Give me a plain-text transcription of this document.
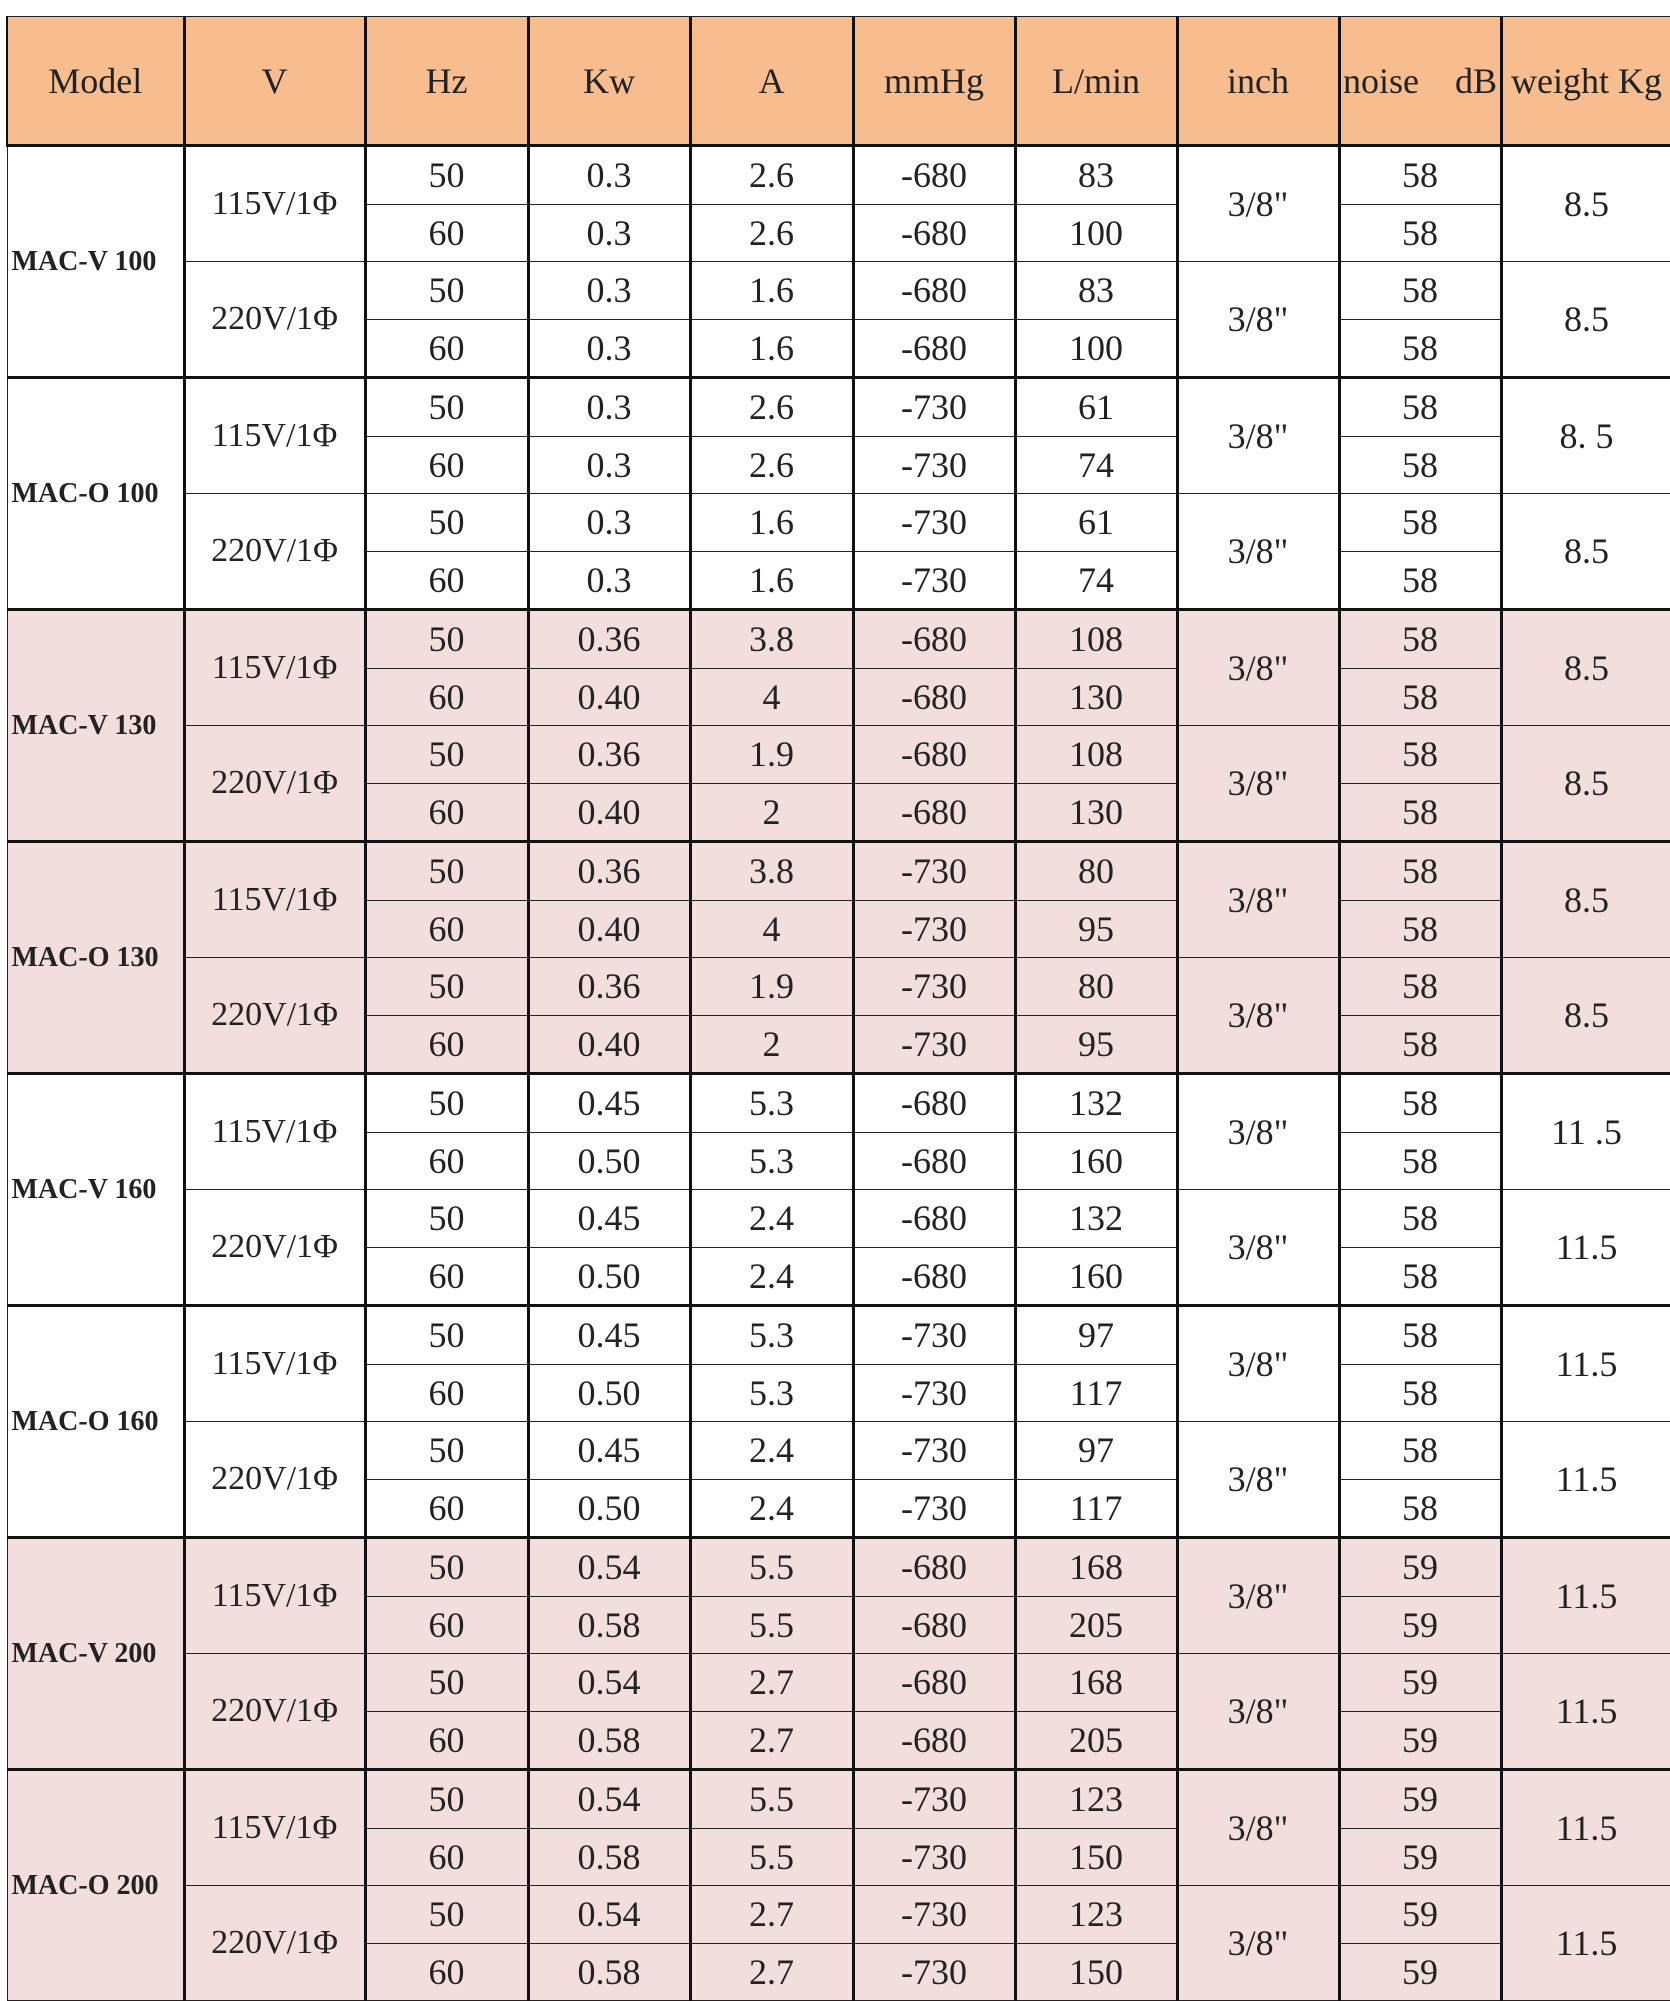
Model	V	Hz	Kw	A	mmHg	L/min	inch	noise　dB	weight Kg
MAC-V 100	115V/1Φ	50	0.3	2.6	-680	83	3/8"	58	8.5
		60	0.3	2.6	-680	100		58	
	220V/1Φ	50	0.3	1.6	-680	83	3/8"	58	8.5
		60	0.3	1.6	-680	100		58	
MAC-O 100	115V/1Φ	50	0.3	2.6	-730	61	3/8"	58	8. 5
		60	0.3	2.6	-730	74		58	
	220V/1Φ	50	0.3	1.6	-730	61	3/8"	58	8.5
		60	0.3	1.6	-730	74		58	
MAC-V 130	115V/1Φ	50	0.36	3.8	-680	108	3/8"	58	8.5
		60	0.40	4	-680	130		58	
	220V/1Φ	50	0.36	1.9	-680	108	3/8"	58	8.5
		60	0.40	2	-680	130		58	
MAC-O 130	115V/1Φ	50	0.36	3.8	-730	80	3/8"	58	8.5
		60	0.40	4	-730	95		58	
	220V/1Φ	50	0.36	1.9	-730	80	3/8"	58	8.5
		60	0.40	2	-730	95		58	
MAC-V 160	115V/1Φ	50	0.45	5.3	-680	132	3/8"	58	11 .5
		60	0.50	5.3	-680	160		58	
	220V/1Φ	50	0.45	2.4	-680	132	3/8"	58	11.5
		60	0.50	2.4	-680	160		58	
MAC-O 160	115V/1Φ	50	0.45	5.3	-730	97	3/8"	58	11.5
		60	0.50	5.3	-730	117		58	
	220V/1Φ	50	0.45	2.4	-730	97	3/8"	58	11.5
		60	0.50	2.4	-730	117		58	
MAC-V 200	115V/1Φ	50	0.54	5.5	-680	168	3/8"	59	11.5
		60	0.58	5.5	-680	205		59	
	220V/1Φ	50	0.54	2.7	-680	168	3/8"	59	11.5
		60	0.58	2.7	-680	205		59	
MAC-O 200	115V/1Φ	50	0.54	5.5	-730	123	3/8"	59	11.5
		60	0.58	5.5	-730	150		59	
	220V/1Φ	50	0.54	2.7	-730	123	3/8"	59	11.5
		60	0.58	2.7	-730	150		59	
